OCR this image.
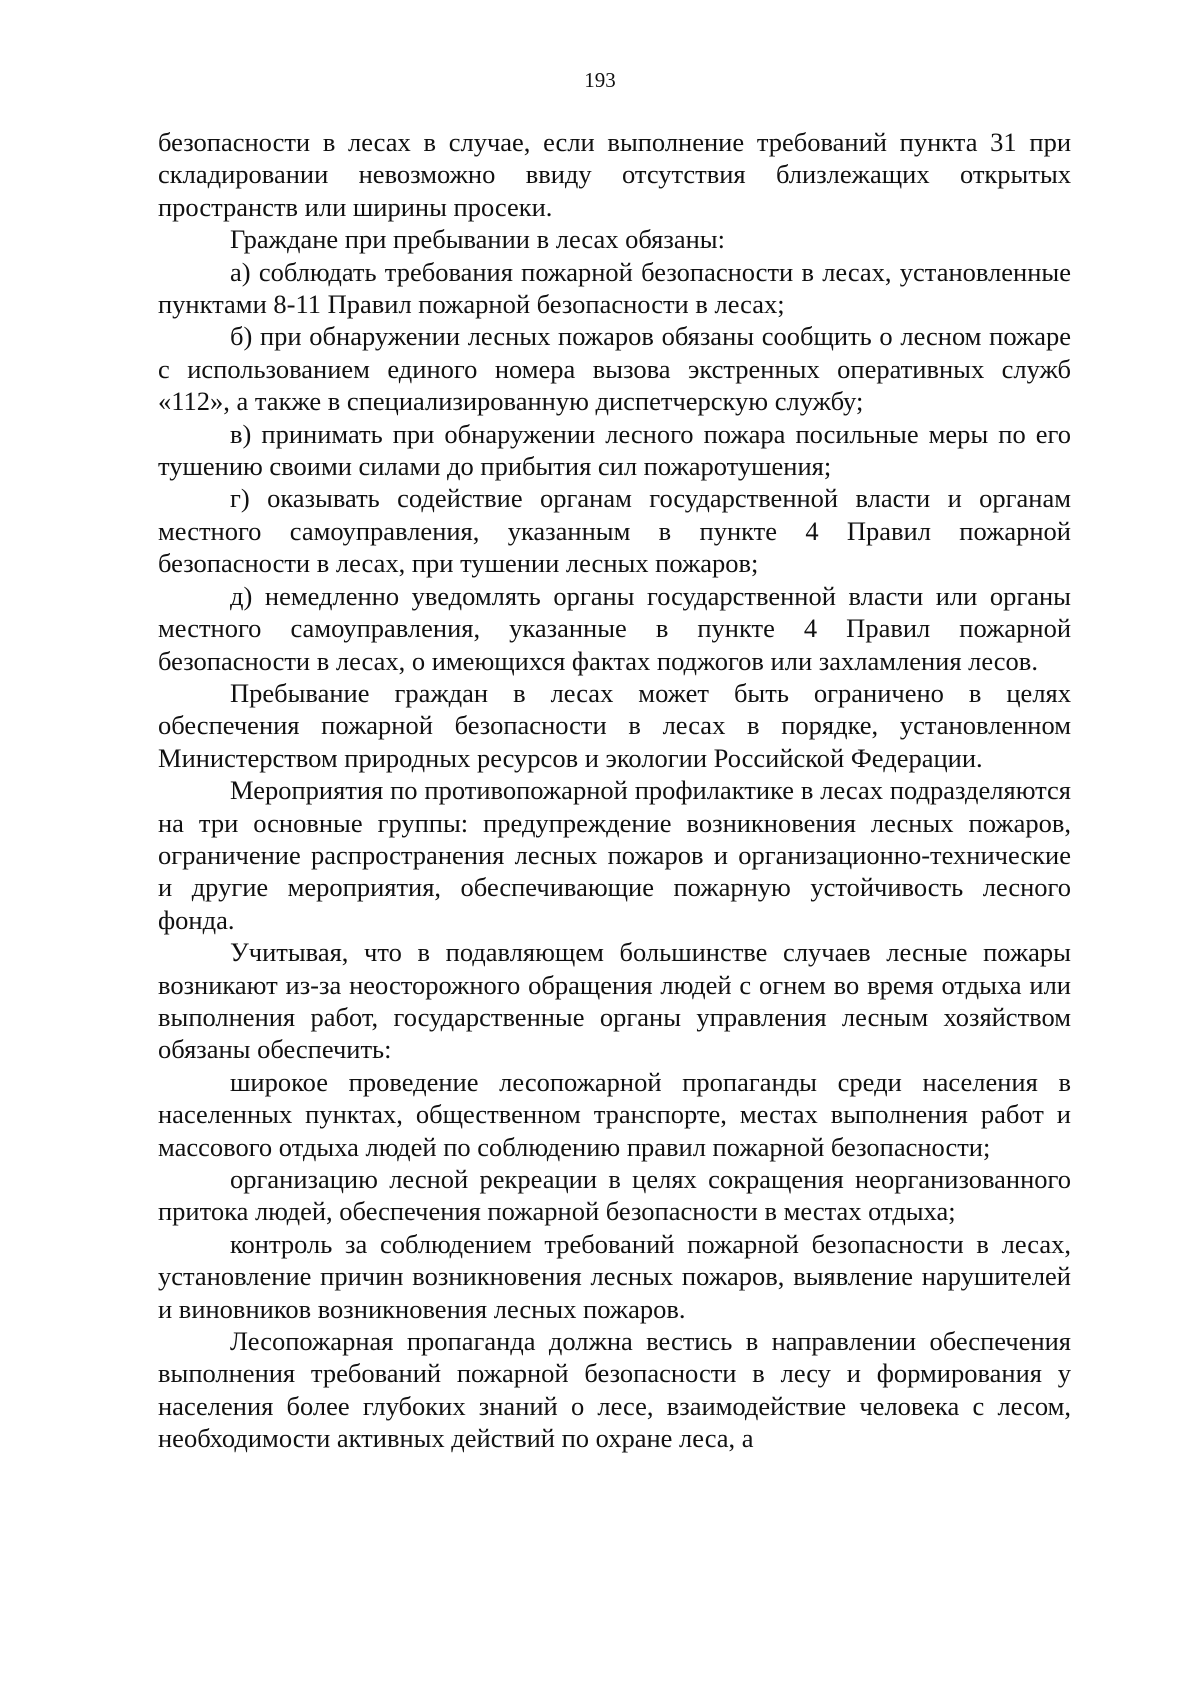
193

безопасности в лесах в случае, если выполнение требований пункта 31 при складировании невозможно ввиду отсутствия близлежащих открытых пространств или ширины просеки.

Граждане при пребывании в лесах обязаны:

а) соблюдать требования пожарной безопасности в лесах, установленные пунктами 8-11 Правил пожарной безопасности в лесах;

б) при обнаружении лесных пожаров обязаны сообщить о лесном пожаре с использованием единого номера вызова экстренных оперативных служб «112», а также в специализированную диспетчерскую службу;

в) принимать при обнаружении лесного пожара посильные меры по его тушению своими силами до прибытия сил пожаротушения;

г) оказывать содействие органам государственной власти и органам местного самоуправления, указанным в пункте 4 Правил пожарной безопасности в лесах, при тушении лесных пожаров;

д) немедленно уведомлять органы государственной власти или органы местного самоуправления, указанные в пункте 4 Правил пожарной безопасности в лесах, о имеющихся фактах поджогов или захламления лесов.

Пребывание граждан в лесах может быть ограничено в целях обеспечения пожарной безопасности в лесах в порядке, установленном Министерством природных ресурсов и экологии Российской Федерации.

Мероприятия по противопожарной профилактике в лесах подразделяются на три основные группы: предупреждение возникновения лесных пожаров, ограничение распространения лесных пожаров и организационно-технические и другие мероприятия, обеспечивающие пожарную устойчивость лесного фонда.

Учитывая, что в подавляющем большинстве случаев лесные пожары возникают из-за неосторожного обращения людей с огнем во время отдыха или выполнения работ, государственные органы управления лесным хозяйством обязаны обеспечить:

широкое проведение лесопожарной пропаганды среди населения в населенных пунктах, общественном транспорте, местах выполнения работ и массового отдыха людей по соблюдению правил пожарной безопасности;

организацию лесной рекреации в целях сокращения неорганизованного притока людей, обеспечения пожарной безопасности в местах отдыха;

контроль за соблюдением требований пожарной безопасности в лесах, установление причин возникновения лесных пожаров, выявление нарушителей и виновников возникновения лесных пожаров.

Лесопожарная пропаганда должна вестись в направлении обеспечения выполнения требований пожарной безопасности в лесу и формирования у населения более глубоких знаний о лесе, взаимодействие человека с лесом, необходимости активных действий по охране леса, а
